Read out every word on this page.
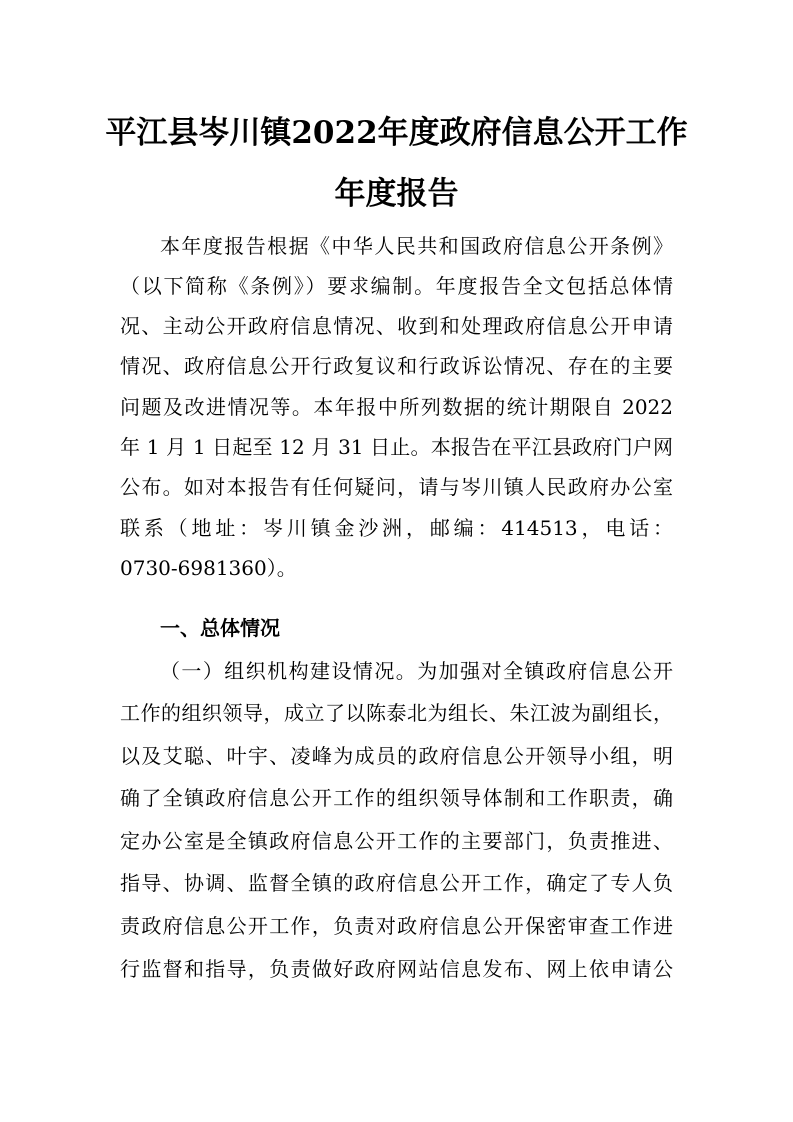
平江县岑川镇2022年度政府信息公开工作
年度报告
本年度报告根据《中华人民共和国政府信息公开条例》
（以下简称《条例》）要求编制。年度报告全文包括总体情
况、主动公开政府信息情况、收到和处理政府信息公开申请
情况、政府信息公开行政复议和行政诉讼情况、存在的主要
问题及改进情况等。本年报中所列数据的统计期限自 2022
年 1 月 1 日起至 12 月 31 日止。本报告在平江县政府门户网
公布。如对本报告有任何疑问，请与岑川镇人民政府办公室
联系（地址：岑川镇金沙洲，邮编：414513，电话：
0730-6981360）。
一、总体情况
（一）组织机构建设情况。为加强对全镇政府信息公开
工作的组织领导，成立了以陈泰北为组长、朱江波为副组长，
以及艾聪、叶宇、凌峰为成员的政府信息公开领导小组，明
确了全镇政府信息公开工作的组织领导体制和工作职责，确
定办公室是全镇政府信息公开工作的主要部门，负责推进、
指导、协调、监督全镇的政府信息公开工作，确定了专人负
责政府信息公开工作，负责对政府信息公开保密审查工作进
行监督和指导，负责做好政府网站信息发布、网上依申请公
